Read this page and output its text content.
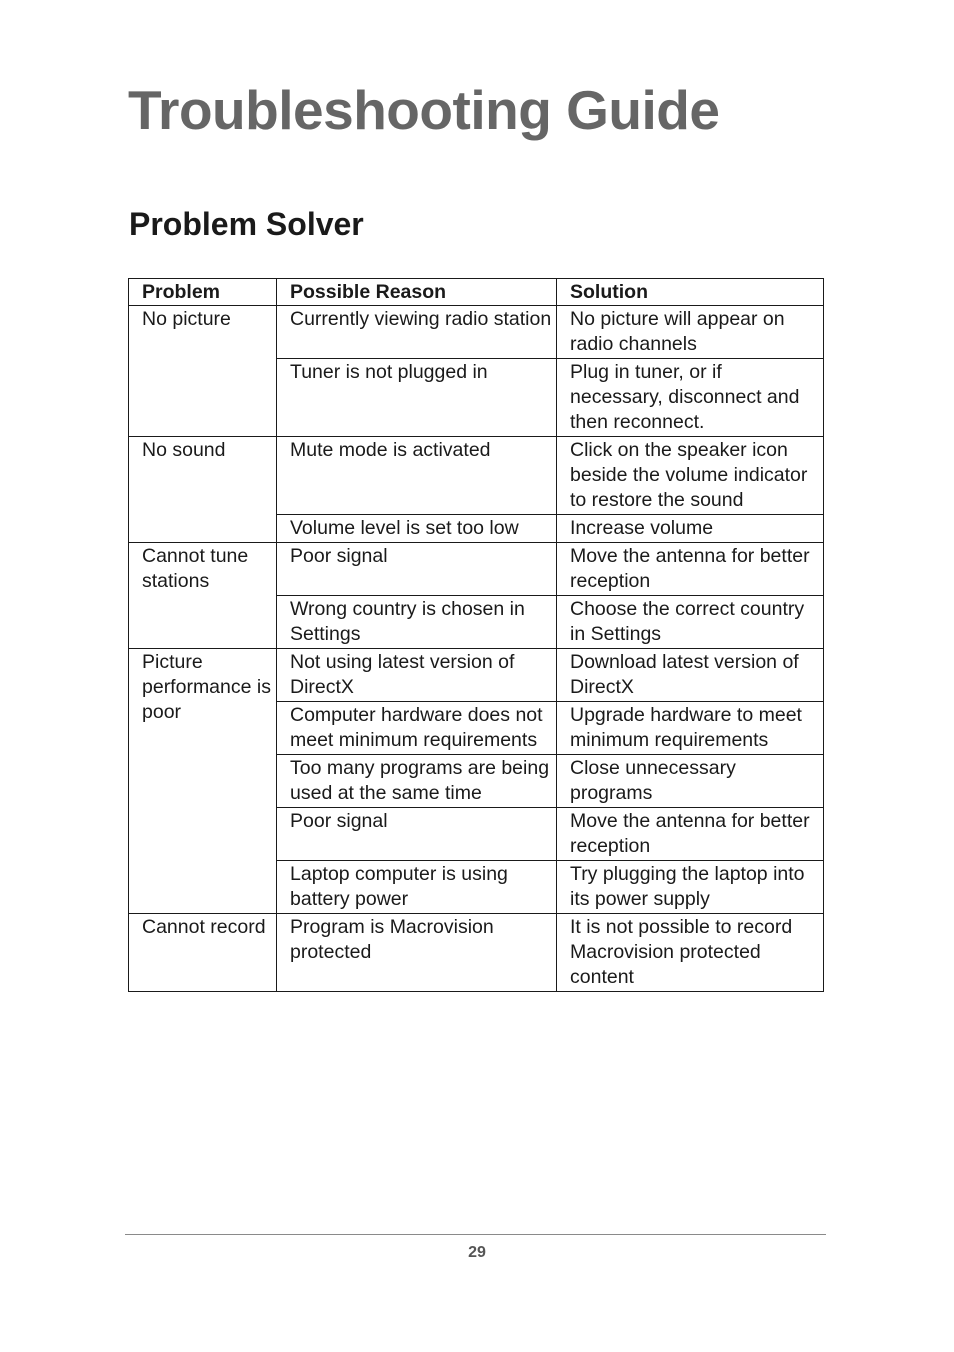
Troubleshooting Guide
Problem Solver
Problem	Possible Reason	Solution
No picture	Currently viewing radio station	No picture will appear on radio channels
	Tuner is not plugged in	Plug in tuner, or if necessary, disconnect and then reconnect.
No sound	Mute mode is activated	Click on the speaker icon beside the volume indicator to restore the sound
	Volume level is set too low	Increase volume
Cannot tune stations	Poor signal	Move the antenna for better reception
	Wrong country is chosen in Settings	Choose the correct country in Settings
Picture performance is poor	Not using latest version of DirectX	Download latest version of DirectX
	Computer hardware does not meet minimum requirements	Upgrade hardware to meet minimum requirements
	Too many programs are being used at the same time	Close unnecessary programs
	Poor signal	Move the antenna for better reception
	Laptop computer is using battery power	Try plugging the laptop into its power supply
Cannot record	Program is Macrovision protected	It is not possible to record Macrovision protected content
29
